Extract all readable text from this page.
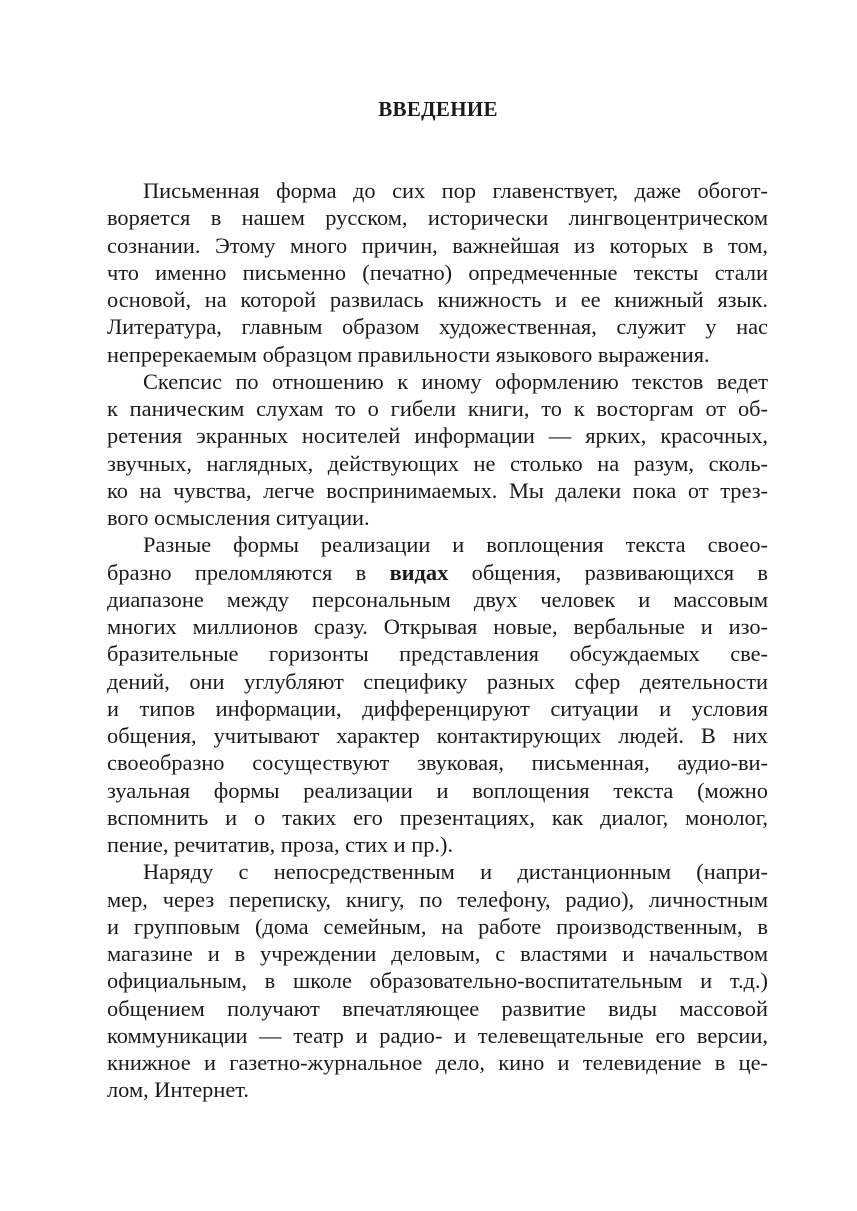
ВВЕДЕНИЕ
Письменная форма до сих пор главенствует, даже обогот-
воряется в нашем русском, исторически лингвоцентрическом
сознании. Этому много причин, важнейшая из которых в том,
что именно письменно (печатно) опредмеченные тексты стали
основой, на которой развилась книжность и ее книжный язык.
Литература, главным образом художественная, служит у нас
непререкаемым образцом правильности языкового выражения.
Скепсис по отношению к иному оформлению текстов ведет
к паническим слухам то о гибели книги, то к восторгам от об-
ретения экранных носителей информации — ярких, красочных,
звучных, наглядных, действующих не столько на разум, сколь-
ко на чувства, легче воспринимаемых. Мы далеки пока от трез-
вого осмысления ситуации.
Разные формы реализации и воплощения текста своео-
бразно преломляются в видах общения, развивающихся в
диапазоне между персональным двух человек и массовым
многих миллионов сразу. Открывая новые, вербальные и изо-
бразительные горизонты представления обсуждаемых све-
дений, они углубляют специфику разных сфер деятельности
и типов информации, дифференцируют ситуации и условия
общения, учитывают характер контактирующих людей. В них
своеобразно сосуществуют звуковая, письменная, аудио-ви-
зуальная формы реализации и воплощения текста (можно
вспомнить и о таких его презентациях, как диалог, монолог,
пение, речитатив, проза, стих и пр.).
Наряду с непосредственным и дистанционным (напри-
мер, через переписку, книгу, по телефону, радио), личностным
и групповым (дома семейным, на работе производственным, в
магазине и в учреждении деловым, с властями и начальством
официальным, в школе образовательно-воспитательным и т.д.)
общением получают впечатляющее развитие виды массовой
коммуникации — театр и радио- и телевещательные его версии,
книжное и газетно-журнальное дело, кино и телевидение в це-
лом, Интернет.
